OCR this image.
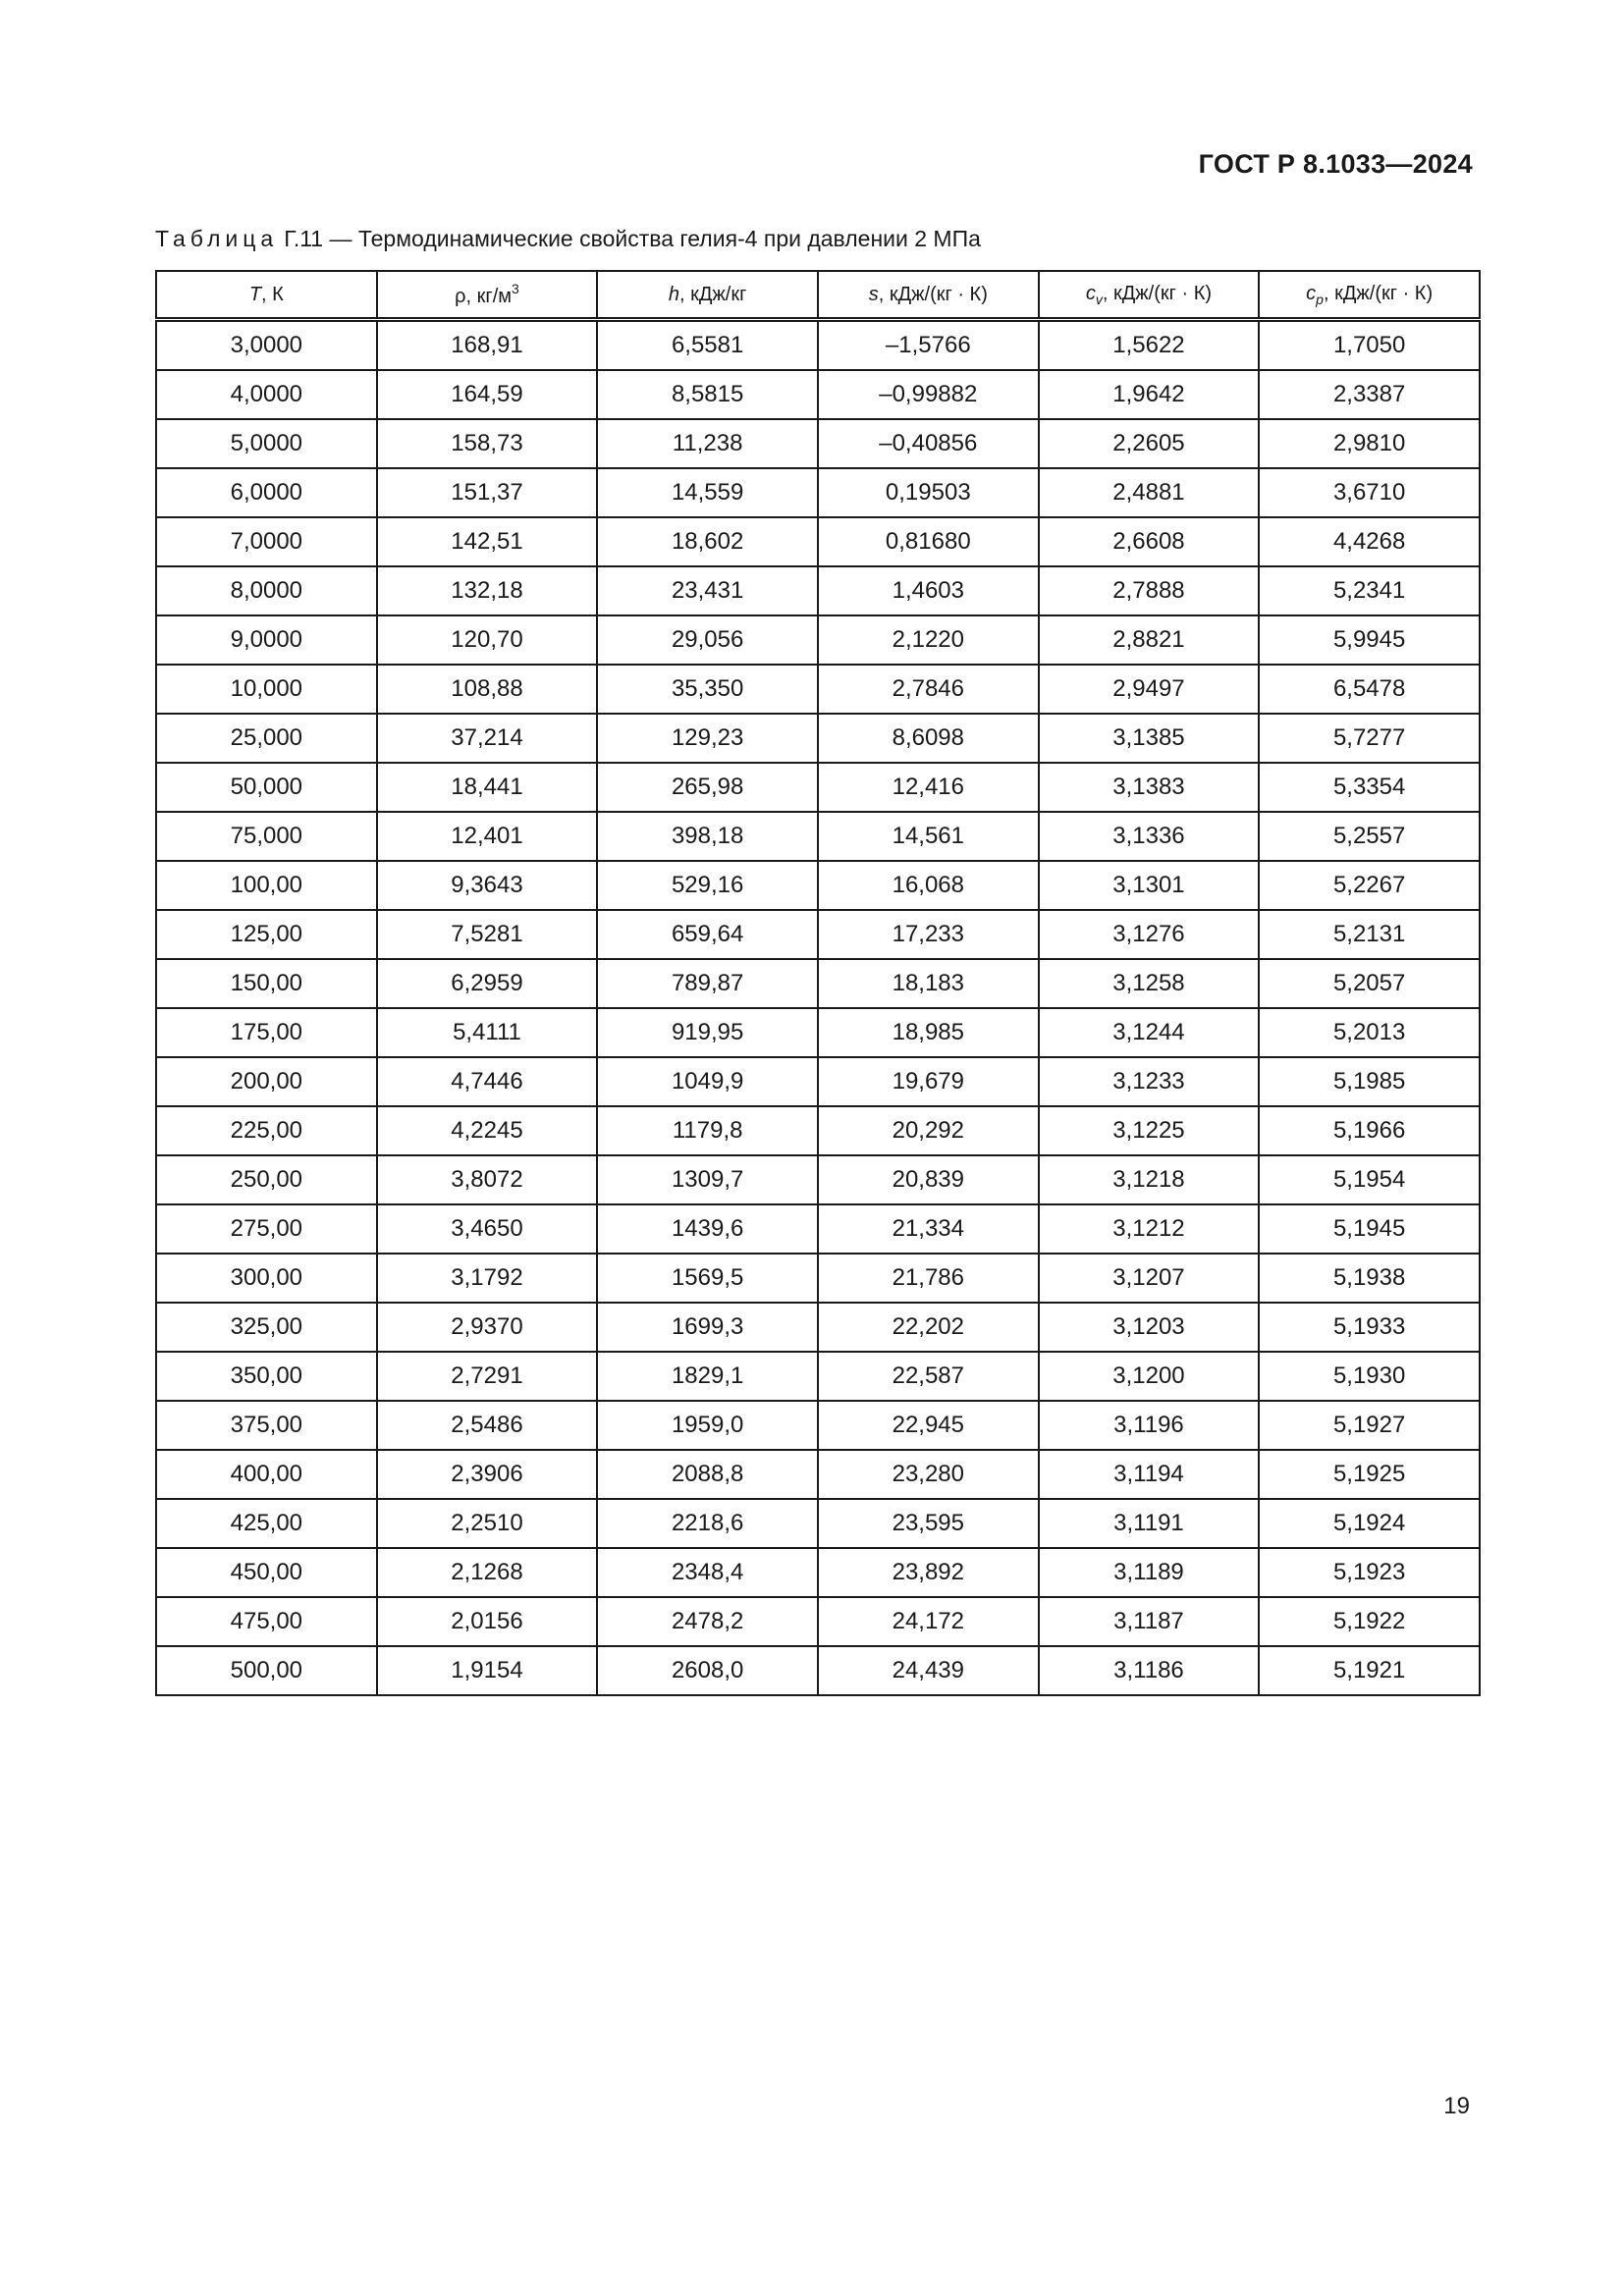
ГОСТ Р 8.1033—2024
Таблица Г.11 — Термодинамические свойства гелия-4 при давлении 2 МПа
T, К	ρ, $кг/м^3$	h, кДж/кг	s, кДж/(кг · К)	$c_v$, кДж/(кг · К)	$c_p$, кДж/(кг · К)
3,0000	168,91	6,5581	–1,5766	1,5622	1,7050
4,0000	164,59	8,5815	–0,99882	1,9642	2,3387
5,0000	158,73	11,238	–0,40856	2,2605	2,9810
6,0000	151,37	14,559	0,19503	2,4881	3,6710
7,0000	142,51	18,602	0,81680	2,6608	4,4268
8,0000	132,18	23,431	1,4603	2,7888	5,2341
9,0000	120,70	29,056	2,1220	2,8821	5,9945
10,000	108,88	35,350	2,7846	2,9497	6,5478
25,000	37,214	129,23	8,6098	3,1385	5,7277
50,000	18,441	265,98	12,416	3,1383	5,3354
75,000	12,401	398,18	14,561	3,1336	5,2557
100,00	9,3643	529,16	16,068	3,1301	5,2267
125,00	7,5281	659,64	17,233	3,1276	5,2131
150,00	6,2959	789,87	18,183	3,1258	5,2057
175,00	5,4111	919,95	18,985	3,1244	5,2013
200,00	4,7446	1049,9	19,679	3,1233	5,1985
225,00	4,2245	1179,8	20,292	3,1225	5,1966
250,00	3,8072	1309,7	20,839	3,1218	5,1954
275,00	3,4650	1439,6	21,334	3,1212	5,1945
300,00	3,1792	1569,5	21,786	3,1207	5,1938
325,00	2,9370	1699,3	22,202	3,1203	5,1933
350,00	2,7291	1829,1	22,587	3,1200	5,1930
375,00	2,5486	1959,0	22,945	3,1196	5,1927
400,00	2,3906	2088,8	23,280	3,1194	5,1925
425,00	2,2510	2218,6	23,595	3,1191	5,1924
450,00	2,1268	2348,4	23,892	3,1189	5,1923
475,00	2,0156	2478,2	24,172	3,1187	5,1922
500,00	1,9154	2608,0	24,439	3,1186	5,1921
19
